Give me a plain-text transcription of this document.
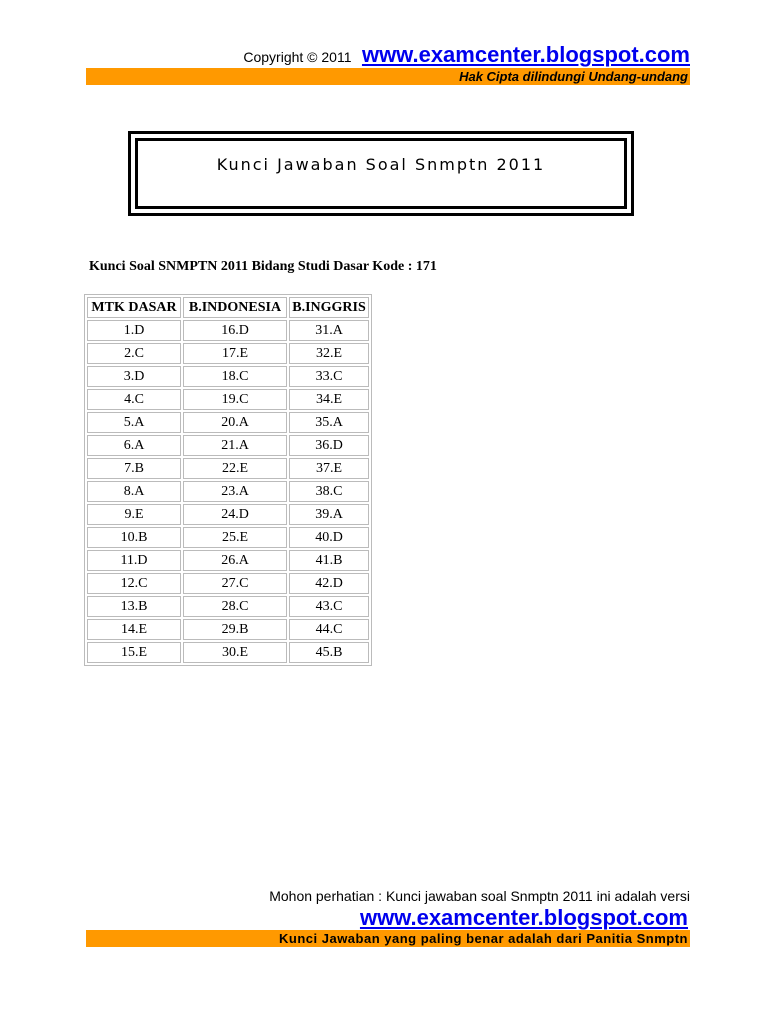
Copyright © 2011 www.examcenter.blogspot.com
Hak Cipta dilindungi Undang-undang
Kunci Jawaban Soal Snmptn 2011
Kunci Soal SNMPTN 2011 Bidang Studi Dasar Kode : 171
MTK DASAR	B.INDONESIA	B.INGGRIS
1.D	16.D	31.A
2.C	17.E	32.E
3.D	18.C	33.C
4.C	19.C	34.E
5.A	20.A	35.A
6.A	21.A	36.D
7.B	22.E	37.E
8.A	23.A	38.C
9.E	24.D	39.A
10.B	25.E	40.D
11.D	26.A	41.B
12.C	27.C	42.D
13.B	28.C	43.C
14.E	29.B	44.C
15.E	30.E	45.B
Mohon perhatian : Kunci jawaban soal Snmptn 2011 ini adalah versi
www.examcenter.blogspot.com
Kunci Jawaban yang paling benar adalah dari Panitia Snmptn
